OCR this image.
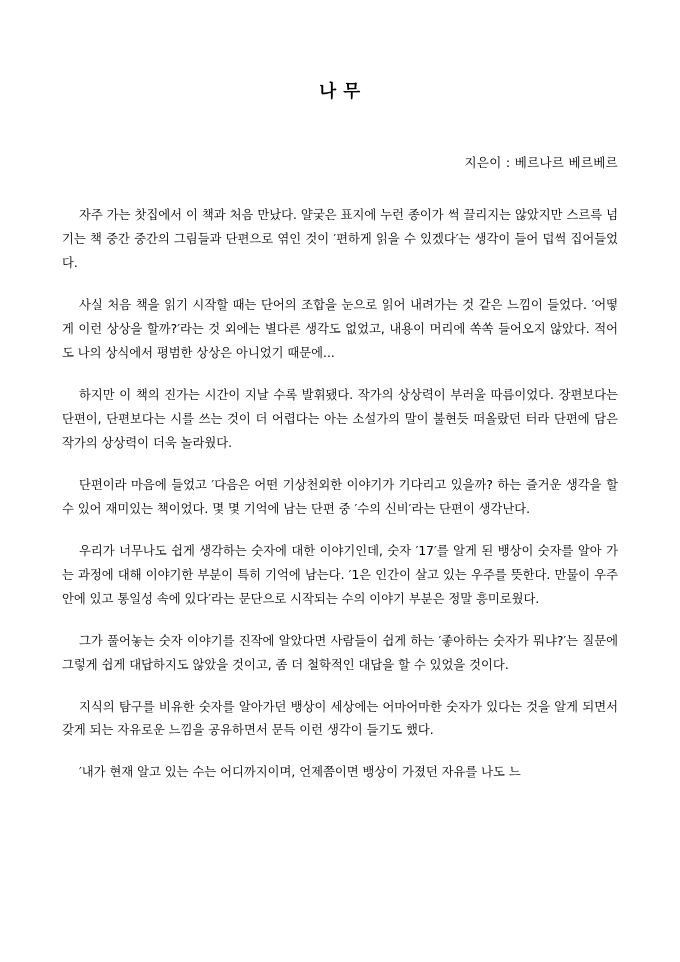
나 무
지은이 : 베르나르 베르베르

자주 가는 찻집에서 이 책과 처음 만났다. 얄궂은 표지에 누런 종이가 썩 끌리지는 않았지만 스르륵 넘기는 책 중간 중간의 그림들과 단편으로 엮인 것이 ′편하게 읽을 수 있겠다′는 생각이 들어 덥썩 집어들었다.

사실 처음 책을 읽기 시작할 때는 단어의 조합을 눈으로 읽어 내려가는 것 같은 느낌이 들었다. ′어떻게 이런 상상을 할까?′라는 것 외에는 별다른 생각도 없었고, 내용이 머리에 쏙쏙 들어오지 않았다. 적어도 나의 상식에서 평범한 상상은 아니었기 때문에...

하지만 이 책의 진가는 시간이 지날 수록 발휘됐다. 작가의 상상력이 부러울 따름이었다. 장편보다는 단편이, 단편보다는 시를 쓰는 것이 더 어렵다는 아는 소설가의 말이 불현듯 떠올랐던 터라 단편에 담은 작가의 상상력이 더욱 놀라웠다.

단편이라 마음에 들었고 ′다음은 어떤 기상천외한 이야기가 기다리고 있을까? 하는 즐거운 생각을 할 수 있어 재미있는 책이었다. 몇 몇 기억에 남는 단편 중 ′수의 신비′라는 단편이 생각난다.

우리가 너무나도 쉽게 생각하는 숫자에 대한 이야기인데, 숫자 ′17′를 알게 된 뱅상이 숫자를 알아 가는 과정에 대해 이야기한 부분이 특히 기억에 남는다. ′1은 인간이 살고 있는 우주를 뜻한다. 만물이 우주 안에 있고 통일성 속에 있다′라는 문단으로 시작되는 수의 이야기 부분은 정말 흥미로웠다.

그가 풀어놓는 숫자 이야기를 진작에 알았다면 사람들이 쉽게 하는 ′좋아하는 숫자가 뭐냐?′는 질문에 그렇게 쉽게 대답하지도 않았을 것이고, 좀 더 철학적인 대답을 할 수 있었을 것이다.

지식의 탐구를 비유한 숫자를 알아가던 뱅상이 세상에는 어마어마한 숫자가 있다는 것을 알게 되면서 갖게 되는 자유로운 느낌을 공유하면서 문득 이런 생각이 들기도 했다.

′내가 현재 알고 있는 수는 어디까지이며, 언제쯤이면 뱅상이 가졌던 자유를 나도 느
